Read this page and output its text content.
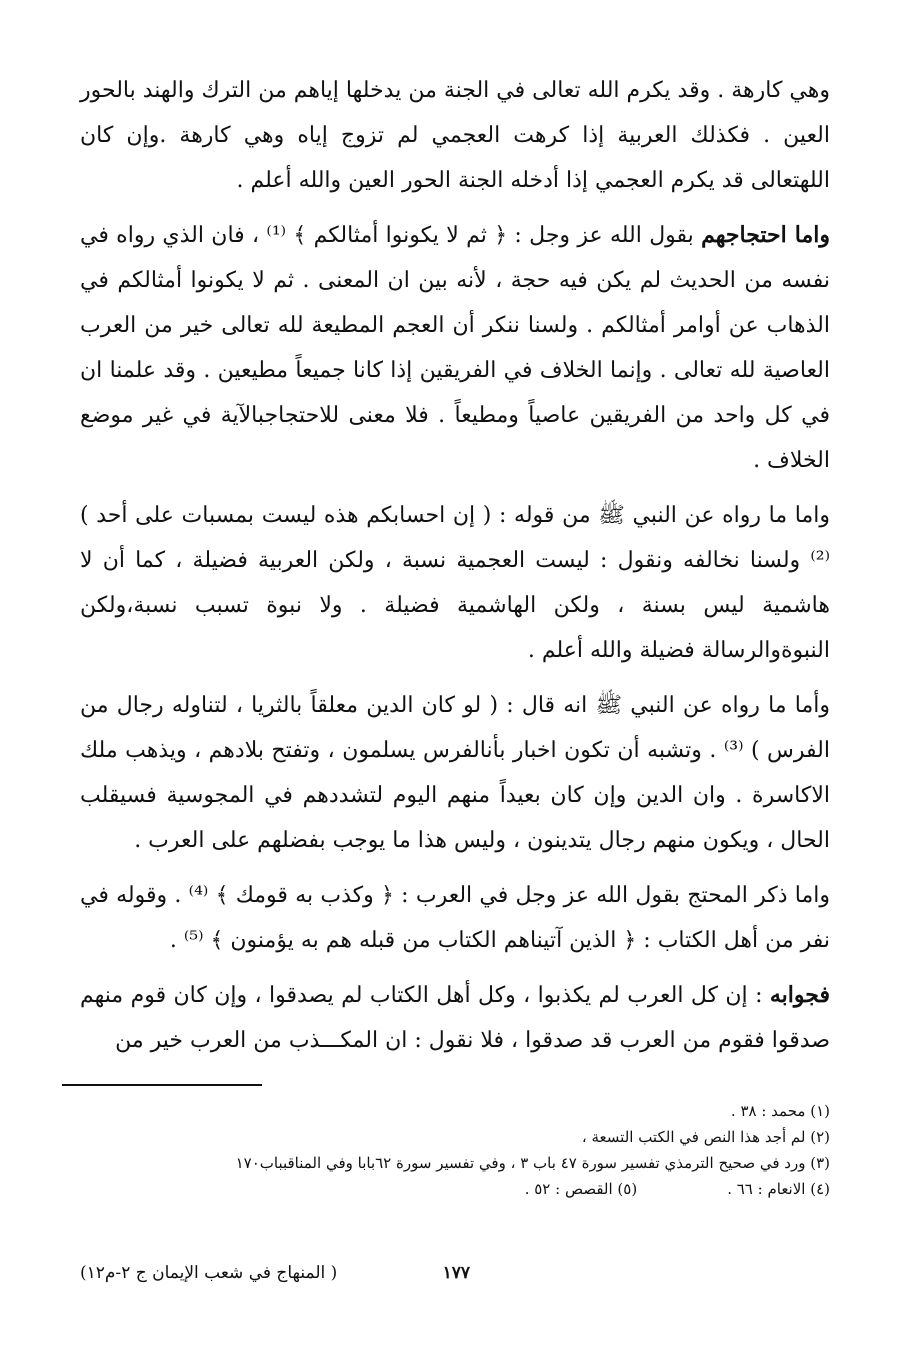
وهي كارهة . وقد يكرم الله تعالى في الجنة من يدخلها إياهم من الترك والهند بالحور العين . فكذلك العربية إذا كرهت العجمي لم تزوج إياه وهي كارهة .وإن كان اللهتعالى قد يكرم العجمي إذا أدخله الجنة الحور العين والله أعلم .

واما احتجاجهم بقول الله عز وجل : ﴿ ثم لا يكونوا أمثالكم ﴾ ⁽¹⁾ ، فان الذي رواه في نفسه من الحديث لم يكن فيه حجة ، لأنه بين ان المعنى . ثم لا يكونوا أمثالكم في الذهاب عن أوامر أمثالكم . ولسنا ننكر أن العجم المطيعة لله تعالى خير من العرب العاصية لله تعالى . وإنما الخلاف في الفريقين إذا كانا جميعاً مطيعين . وقد علمنا ان في كل واحد من الفريقين عاصياً ومطيعاً . فلا معنى للاحتجاجبالآية في غير موضع الخلاف .

واما ما رواه عن النبي ﷺ من قوله : ( إن احسابكم هذه ليست بمسبات على أحد ) ⁽²⁾ ولسنا نخالفه ونقول : ليست العجمية نسبة ، ولكن العربية فضيلة ، كما أن لا هاشمية ليس بسنة ، ولكن الهاشمية فضيلة . ولا نبوة تسبب نسبة،ولكن النبوةوالرسالة فضيلة والله أعلم .

وأما ما رواه عن النبي ﷺ انه قال : ( لو كان الدين معلقاً بالثريا ، لتناوله رجال من الفرس ) ⁽³⁾ . وتشبه أن تكون اخبار بأنالفرس يسلمون ، وتفتح بلادهم ، ويذهب ملك الاكاسرة . وان الدين وإن كان بعيداً منهم اليوم لتشددهم في المجوسية فسيقلب الحال ، ويكون منهم رجال يتدينون ، وليس هذا ما يوجب بفضلهم على العرب .

واما ذكر المحتج بقول الله عز وجل في العرب : ﴿ وكذب به قومك ﴾ ⁽⁴⁾ . وقوله في نفر من أهل الكتاب : ﴿ الذين آتيناهم الكتاب من قبله هم به يؤمنون ﴾ ⁽⁵⁾ .

فجوابه : إن كل العرب لم يكذبوا ، وكل أهل الكتاب لم يصدقوا ، وإن كان قوم منهم صدقوا فقوم من العرب قد صدقوا ، فلا نقول : ان المكـــذب من العرب خير من

(١) محمد : ٣٨ .
(٢) لم أجد هذا النص في الكتب التسعة ،
(٣) ورد في صحيح الترمذي تفسير سورة ٤٧ باب ٣ ، وفي تفسير سورة ٦٢بابا وفي المناقبباب١٧٠
(٤) الانعام : ٦٦ .
(٥) القصص : ٥٢ .
١٧٧
( المنهاج في شعب الإيمان ج ٢-م١٢)
